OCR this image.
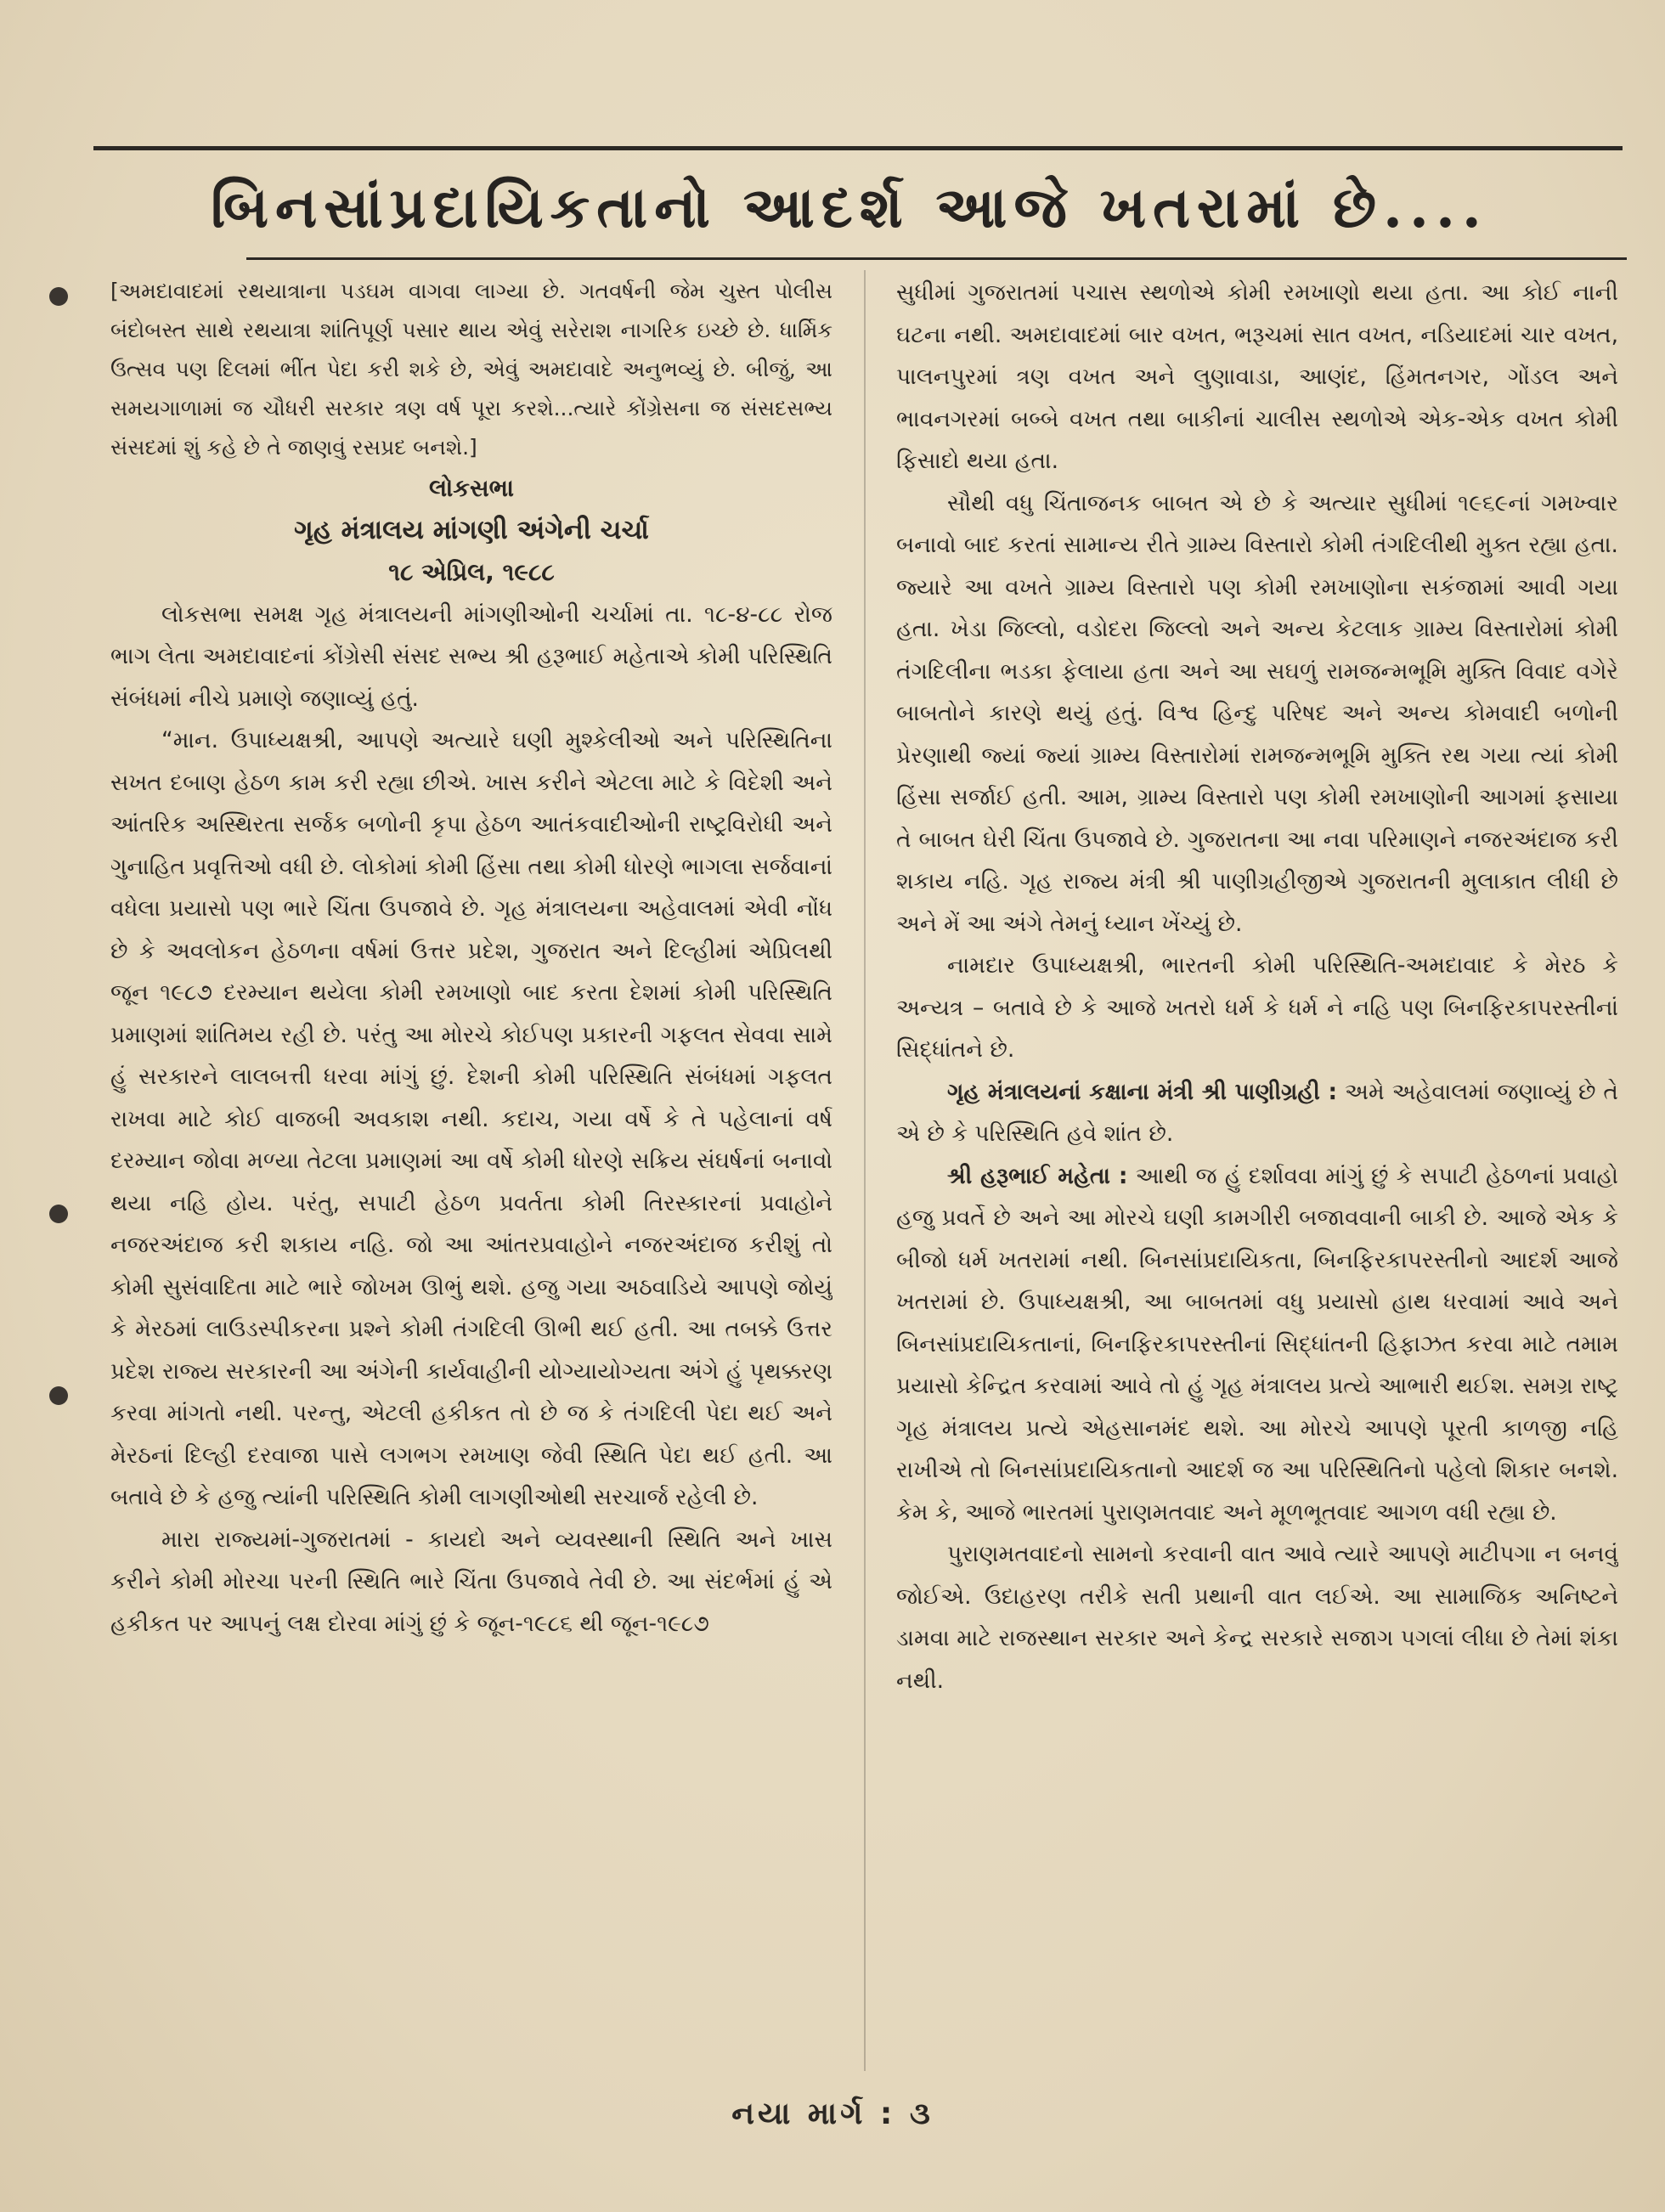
બિનસાંપ્રદાયિકતાનો આદર્શ આજે ખતરામાં છે....

[અમદાવાદમાં રથયાત્રાના પડઘમ વાગવા લાગ્યા છે. ગતવર્ષની જેમ ચુસ્ત પોલીસ બંદોબસ્ત સાથે રથયાત્રા શાંતિપૂર્ણ પસાર થાય એવું સરેરાશ નાગરિક ઇચ્છે છે. ધાર્મિક ઉત્સવ પણ દિલમાં ભીંત પેદા કરી શકે છે, એવું અમદાવાદે અનુભવ્યું છે. બીજું, આ સમયગાળામાં જ ચૌધરી સરકાર ત્રણ વર્ષ પૂરા કરશે...ત્યારે કોંગ્રેસના જ સંસદસભ્ય સંસદમાં શું કહે છે તે જાણવું રસપ્રદ બનશે.]

લોકસભા

ગૃહ મંત્રાલય માંગણી અંગેની ચર્ચા

૧૮ એપ્રિલ, ૧૯૮૮

લોકસભા સમક્ષ ગૃહ મંત્રાલયની માંગણીઓની ચર્ચામાં તા. ૧૮-૪-૮૮ રોજ ભાગ લેતા અમદાવાદનાં કોંગ્રેસી સંસદ સભ્ય શ્રી હરૂભાઈ મહેતાએ કોમી પરિસ્થિતિ સંબંધમાં નીચે પ્રમાણે જણાવ્યું હતું.

“માન. ઉપાધ્યક્ષશ્રી, આપણે અત્યારે ઘણી મુશ્કેલીઓ અને પરિસ્થિતિના સખત દબાણ હેઠળ કામ કરી રહ્યા છીએ. ખાસ કરીને એટલા માટે કે વિદેશી અને આંતરિક અસ્થિરતા સર્જક બળોની કૃપા હેઠળ આતંકવાદીઓની રાષ્ટ્રવિરોધી અને ગુનાહિત પ્રવૃત્તિઓ વધી છે. લોકોમાં કોમી હિંસા તથા કોમી ધોરણે ભાગલા સર્જવાનાં વધેલા પ્રયાસો પણ ભારે ચિંતા ઉપજાવે છે. ગૃહ મંત્રાલયના અહેવાલમાં એવી નોંધ છે કે અવલોકન હેઠળના વર્ષમાં ઉત્તર પ્રદેશ, ગુજરાત અને દિલ્હીમાં એપ્રિલથી જૂન ૧૯૮૭ દરમ્યાન થયેલા કોમી રમખાણો બાદ કરતા દેશમાં કોમી પરિસ્થિતિ પ્રમાણમાં શાંતિમય રહી છે. પરંતુ આ મોરચે કોઈપણ પ્રકારની ગફલત સેવવા સામે હું સરકારને લાલબત્તી ધરવા માંગું છું. દેશની કોમી પરિસ્થિતિ સંબંધમાં ગફલત રાખવા માટે કોઈ વાજબી અવકાશ નથી. કદાચ, ગયા વર્ષે કે તે પહેલાનાં વર્ષ દરમ્યાન જોવા મળ્યા તેટલા પ્રમાણમાં આ વર્ષે કોમી ધોરણે સક્રિય સંઘર્ષનાં બનાવો થયા નહિ હોય. પરંતુ, સપાટી હેઠળ પ્રવર્તતા કોમી તિરસ્કારનાં પ્રવાહોને નજરઅંદાજ કરી શકાય નહિ. જો આ આંતરપ્રવાહોને નજરઅંદાજ કરીશું તો કોમી સુસંવાદિતા માટે ભારે જોખમ ઊભું થશે. હજુ ગયા અઠવાડિયે આપણે જોયું કે મેરઠમાં લાઉડસ્પીકરના પ્રશ્ને કોમી તંગદિલી ઊભી થઈ હતી. આ તબક્કે ઉત્તર પ્રદેશ રાજ્ય સરકારની આ અંગેની કાર્યવાહીની યોગ્યાયોગ્યતા અંગે હું પૃથક્કરણ કરવા માંગતો નથી. પરન્તુ, એટલી હકીકત તો છે જ કે તંગદિલી પેદા થઈ અને મેરઠનાં દિલ્હી દરવાજા પાસે લગભગ રમખાણ જેવી સ્થિતિ પેદા થઈ હતી. આ બતાવે છે કે હજુ ત્યાંની પરિસ્થિતિ કોમી લાગણીઓથી સરચાર્જ રહેલી છે.

મારા રાજ્યમાં-ગુજરાતમાં - કાયદો અને વ્યવસ્થાની સ્થિતિ અને ખાસ કરીને કોમી મોરચા પરની સ્થિતિ ભારે ચિંતા ઉપજાવે તેવી છે. આ સંદર્ભમાં હું એ હકીકત પર આપનું લક્ષ દોરવા માંગું છું કે જૂન-૧૯૮૬ થી જૂન-૧૯૮૭

સુધીમાં ગુજરાતમાં પચાસ સ્થળોએ કોમી રમખાણો થયા હતા. આ કોઈ નાની ઘટના નથી. અમદાવાદમાં બાર વખત, ભરૂચમાં સાત વખત, નડિયાદમાં ચાર વખત, પાલનપુરમાં ત્રણ વખત અને લુણાવાડા, આણંદ, હિંમતનગર, ગોંડલ અને ભાવનગરમાં બબ્બે વખત તથા બાકીનાં ચાલીસ સ્થળોએ એક-એક વખત કોમી ફિસાદો થયા હતા.

સૌથી વધુ ચિંતાજનક બાબત એ છે કે અત્યાર સુધીમાં ૧૯૬૯નાં ગમખ્વાર બનાવો બાદ કરતાં સામાન્ય રીતે ગ્રામ્ય વિસ્તારો કોમી તંગદિલીથી મુક્ત રહ્યા હતા. જ્યારે આ વખતે ગ્રામ્ય વિસ્તારો પણ કોમી રમખાણોના સકંજામાં આવી ગયા હતા. ખેડા જિલ્લો, વડોદરા જિલ્લો અને અન્ય કેટલાક ગ્રામ્ય વિસ્તારોમાં કોમી તંગદિલીના ભડકા ફેલાયા હતા અને આ સઘળું રામજન્મભૂમિ મુક્તિ વિવાદ વગેરે બાબતોને કારણે થયું હતું. વિશ્વ હિન્દુ પરિષદ અને અન્ય કોમવાદી બળોની પ્રેરણાથી જ્યાં જ્યાં ગ્રામ્ય વિસ્તારોમાં રામજન્મભૂમિ મુક્તિ રથ ગયા ત્યાં કોમી હિંસા સર્જાઈ હતી. આમ, ગ્રામ્ય વિસ્તારો પણ કોમી રમખાણોની આગમાં ફસાયા તે બાબત ઘેરી ચિંતા ઉપજાવે છે. ગુજરાતના આ નવા પરિમાણને નજરઅંદાજ કરી શકાય નહિ. ગૃહ રાજ્ય મંત્રી શ્રી પાણીગ્રહીજીએ ગુજરાતની મુલાકાત લીધી છે અને મેં આ અંગે તેમનું ધ્યાન ખેંચ્યું છે.

નામદાર ઉપાધ્યક્ષશ્રી, ભારતની કોમી પરિસ્થિતિ-અમદાવાદ કે મેરઠ કે અન્યત્ર – બતાવે છે કે આજે ખતરો ધર્મ કે ધર્મ ને નહિ પણ બિનફિરકાપરસ્તીનાં સિદ્ધાંતને છે.

ગૃહ મંત્રાલયનાં કક્ષાના મંત્રી શ્રી પાણીગ્રહી : અમે અહેવાલમાં જણાવ્યું છે તે એ છે કે પરિસ્થિતિ હવે શાંત છે.

શ્રી હરૂભાઈ મહેતા : આથી જ હું દર્શાવવા માંગું છું કે સપાટી હેઠળનાં પ્રવાહો હજુ પ્રવર્તે છે અને આ મોરચે ઘણી કામગીરી બજાવવાની બાકી છે. આજે એક કે બીજો ધર્મ ખતરામાં નથી. બિનસાંપ્રદાયિકતા, બિનફિરકાપરસ્તીનો આદર્શ આજે ખતરામાં છે. ઉપાધ્યક્ષશ્રી, આ બાબતમાં વધુ પ્રયાસો હાથ ધરવામાં આવે અને બિનસાંપ્રદાયિકતાનાં, બિનફિરકાપરસ્તીનાં સિદ્ધાંતની હિફાઝત કરવા માટે તમામ પ્રયાસો કેન્દ્રિત કરવામાં આવે તો હું ગૃહ મંત્રાલય પ્રત્યે આભારી થઈશ. સમગ્ર રાષ્ટ્ર ગૃહ મંત્રાલય પ્રત્યે એહસાનમંદ થશે. આ મોરચે આપણે પૂરતી કાળજી નહિ રાખીએ તો બિનસાંપ્રદાયિકતાનો આદર્શ જ આ પરિસ્થિતિનો પહેલો શિકાર બનશે. કેમ કે, આજે ભારતમાં પુરાણમતવાદ અને મૂળભૂતવાદ આગળ વધી રહ્યા છે.

પુરાણમતવાદનો સામનો કરવાની વાત આવે ત્યારે આપણે માટીપગા ન બનવું જોઈએ. ઉદાહરણ તરીકે સતી પ્રથાની વાત લઈએ. આ સામાજિક અનિષ્ટને ડામવા માટે રાજસ્થાન સરકાર અને કેન્દ્ર સરકારે સજાગ પગલાં લીધા છે તેમાં શંકા નથી.

નયા માર્ગ : ૩
